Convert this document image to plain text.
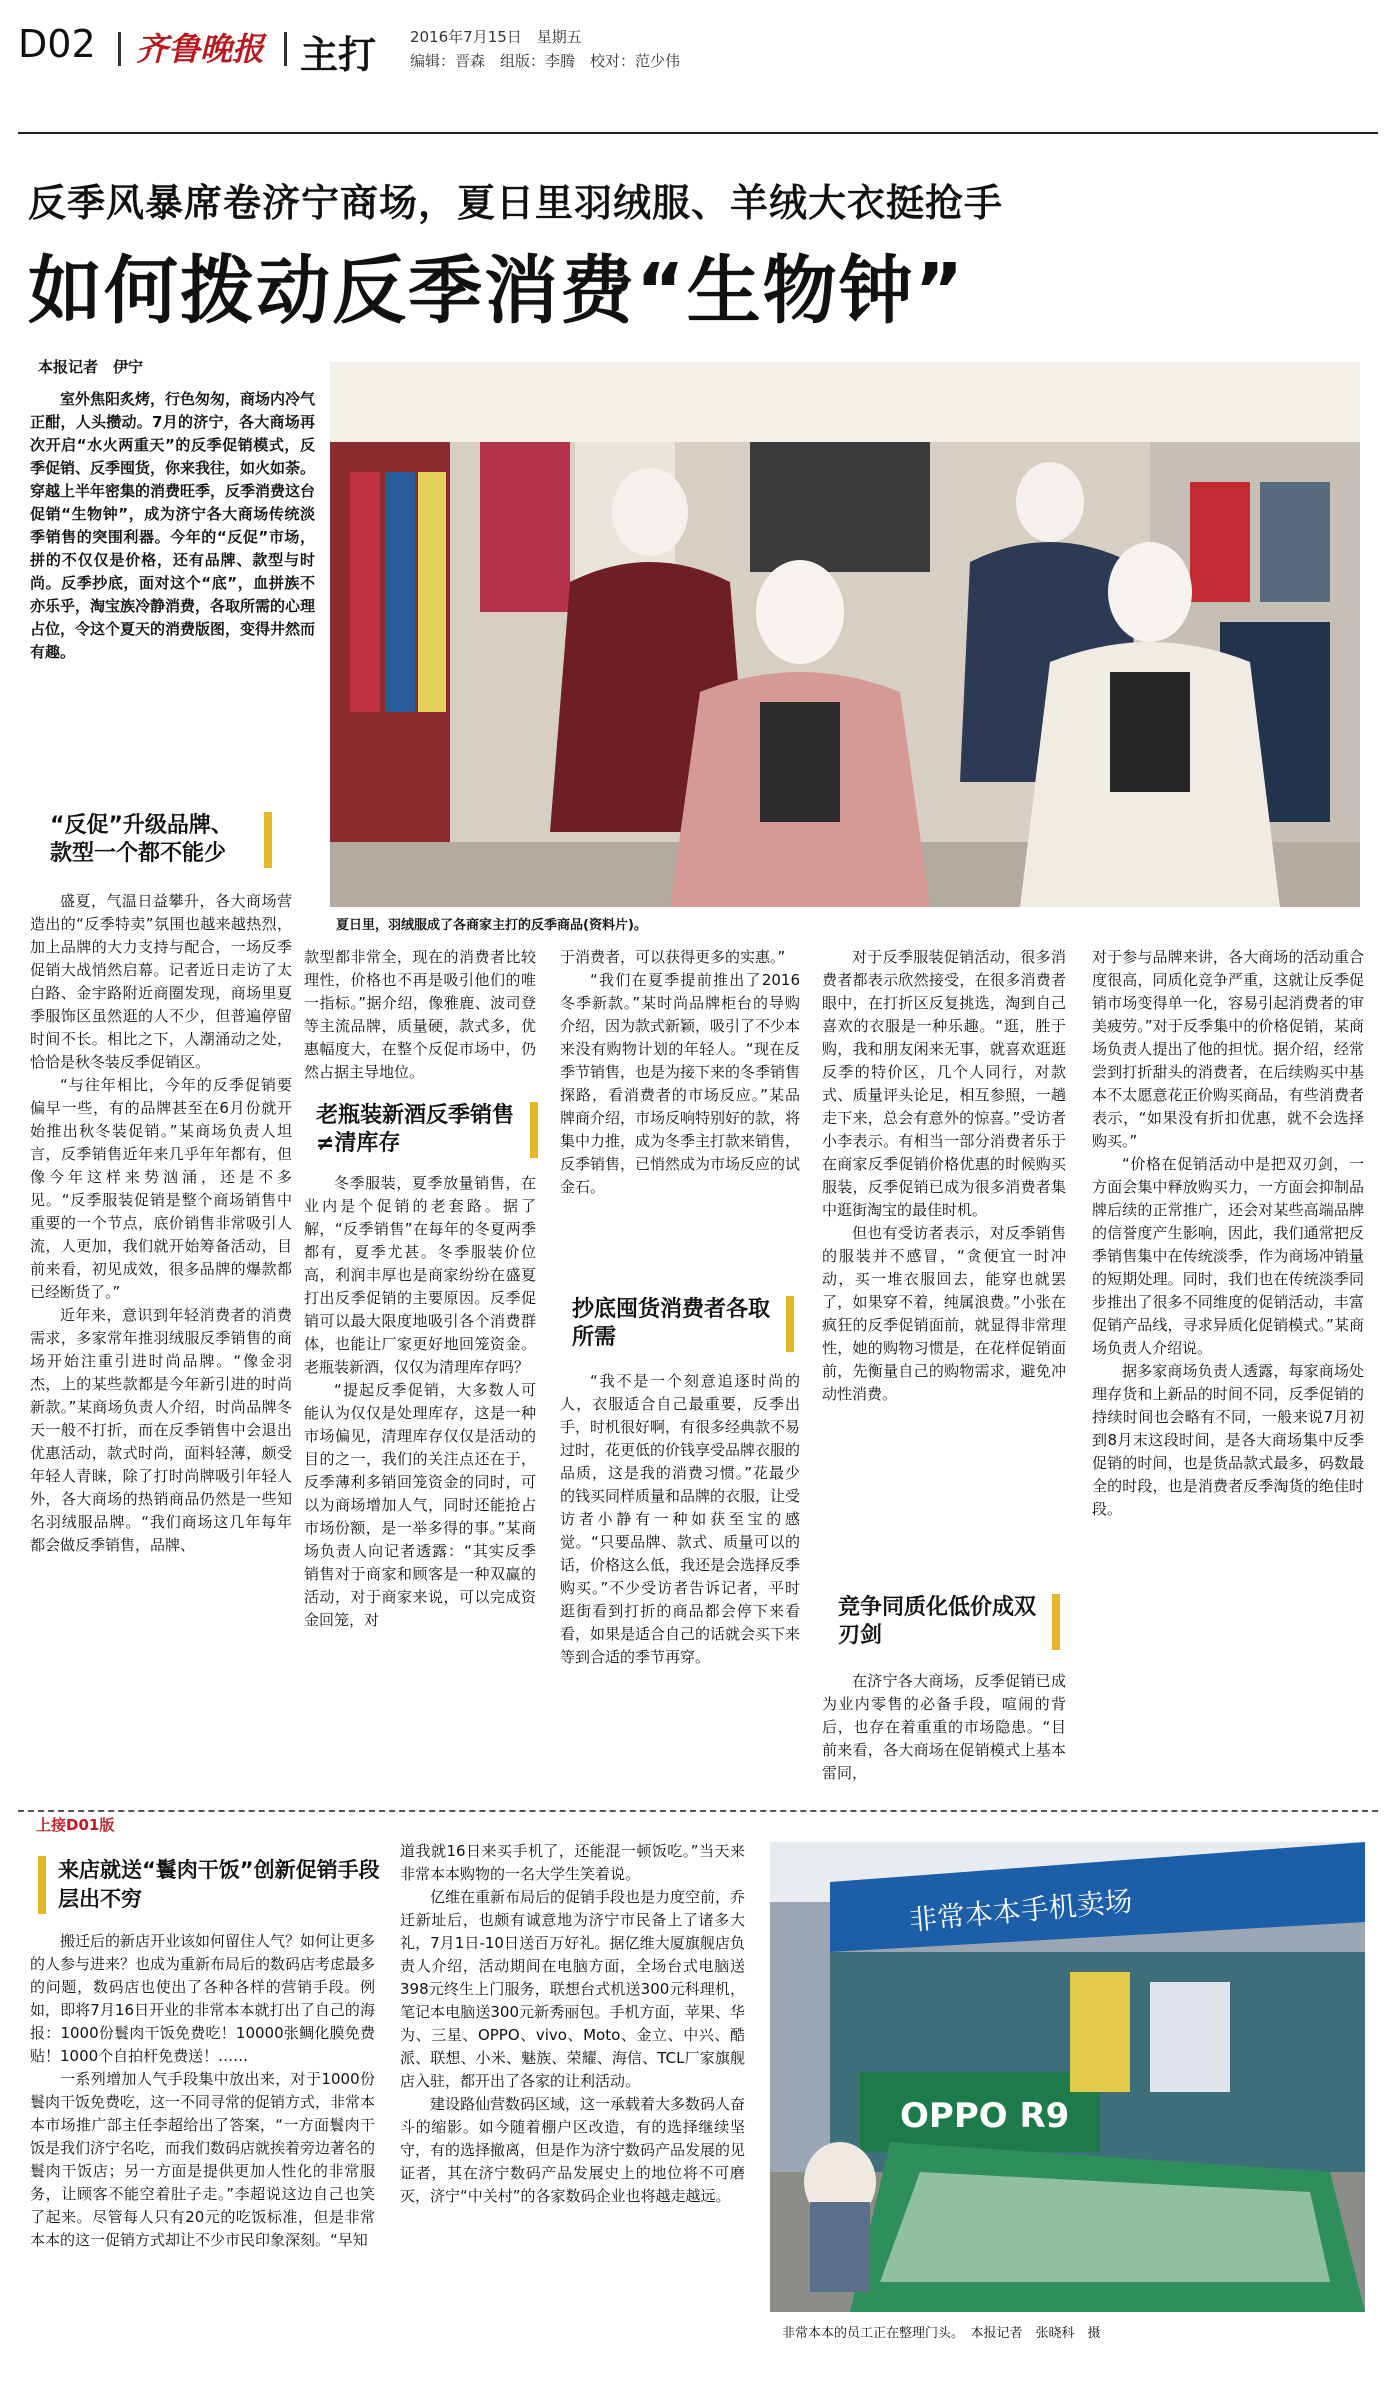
D02 齐鲁晚报 主打 2016年7月15日　星期五
编辑：晋森　组版：李腾　校对：范少伟
反季风暴席卷济宁商场，夏日里羽绒服、羊绒大衣挺抢手
如何拨动反季消费“生物钟”
本报记者　伊宁
夏日里，羽绒服成了各商家主打的反季商品(资料片)。

室外焦阳炙烤，行色匆匆，商场内冷气正酣，人头攒动。7月的济宁，各大商场再次开启“水火两重天”的反季促销模式，反季促销、反季囤货，你来我往，如火如荼。穿越上半年密集的消费旺季，反季消费这台促销“生物钟”，成为济宁各大商场传统淡季销售的突围利器。今年的“反促”市场，拼的不仅仅是价格，还有品牌、款型与时尚。反季抄底，面对这个“底”，血拼族不亦乐乎，淘宝族冷静消费，各取所需的心理占位，令这个夏天的消费版图，变得井然而有趣。

“反促”升级品牌、款型一个都不能少

盛夏，气温日益攀升，各大商场营造出的“反季特卖”氛围也越来越热烈，加上品牌的大力支持与配合，一场反季促销大战悄然启幕。记者近日走访了太白路、金宇路附近商圈发现，商场里夏季服饰区虽然逛的人不少，但普遍停留时间不长。相比之下，人潮涌动之处，恰恰是秋冬装反季促销区。

“与往年相比，今年的反季促销要偏早一些，有的品牌甚至在6月份就开始推出秋冬装促销。”某商场负责人坦言，反季销售近年来几乎年年都有，但像今年这样来势汹涌，还是不多见。“反季服装促销是整个商场销售中重要的一个节点，底价销售非常吸引人流，人更加，我们就开始筹备活动，目前来看，初见成效，很多品牌的爆款都已经断货了。”

近年来，意识到年轻消费者的消费需求，多家常年推羽绒服反季销售的商场开始注重引进时尚品牌。“像金羽杰，上的某些款都是今年新引进的时尚新款。”某商场负责人介绍，时尚品牌冬天一般不打折，而在反季销售中会退出优惠活动，款式时尚，面料轻薄，颇受年轻人青睐，除了打时尚牌吸引年轻人外，各大商场的热销商品仍然是一些知名羽绒服品牌。“我们商场这几年每年都会做反季销售，品牌、

款型都非常全，现在的消费者比较理性，价格也不再是吸引他们的唯一指标。”据介绍，像雅鹿、波司登等主流品牌，质量硬，款式多，优惠幅度大，在整个反促市场中，仍然占据主导地位。

老瓶装新酒反季销售≠清库存

冬季服装，夏季放量销售，在业内是个促销的老套路。据了解，“反季销售”在每年的冬夏两季都有，夏季尤甚。冬季服装价位高，利润丰厚也是商家纷纷在盛夏打出反季促销的主要原因。反季促销可以最大限度地吸引各个消费群体，也能让厂家更好地回笼资金。老瓶装新酒，仅仅为清理库存吗？

“提起反季促销，大多数人可能认为仅仅是处理库存，这是一种市场偏见，清理库存仅仅是活动的目的之一，我们的关注点还在于，反季薄利多销回笼资金的同时，可以为商场增加人气，同时还能抢占市场份额，是一举多得的事。”某商场负责人向记者透露：“其实反季销售对于商家和顾客是一种双赢的活动，对于商家来说，可以完成资金回笼，对

于消费者，可以获得更多的实惠。”

“我们在夏季提前推出了2016冬季新款。”某时尚品牌柜台的导购介绍，因为款式新颖，吸引了不少本来没有购物计划的年轻人。“现在反季节销售，也是为接下来的冬季销售探路，看消费者的市场反应。”某品牌商介绍，市场反响特别好的款，将集中力推，成为冬季主打款来销售，反季销售，已悄然成为市场反应的试金石。

抄底囤货消费者各取所需

“我不是一个刻意追逐时尚的人，衣服适合自己最重要，反季出手，时机很好啊，有很多经典款不易过时，花更低的价钱享受品牌衣服的品质，这是我的消费习惯。”花最少的钱买同样质量和品牌的衣服，让受访者小静有一种如获至宝的感觉。“只要品牌、款式、质量可以的话，价格这么低，我还是会选择反季购买。”不少受访者告诉记者，平时逛街看到打折的商品都会停下来看看，如果是适合自己的话就会买下来等到合适的季节再穿。

对于反季服装促销活动，很多消费者都表示欣然接受，在很多消费者眼中，在打折区反复挑选，淘到自己喜欢的衣服是一种乐趣。“逛，胜于购，我和朋友闲来无事，就喜欢逛逛反季的特价区，几个人同行，对款式、质量评头论足，相互参照，一趟走下来，总会有意外的惊喜。”受访者小李表示。有相当一部分消费者乐于在商家反季促销价格优惠的时候购买服装，反季促销已成为很多消费者集中逛街淘宝的最佳时机。

但也有受访者表示，对反季销售的服装并不感冒，“贪便宜一时冲动，买一堆衣服回去，能穿也就罢了，如果穿不着，纯属浪费。”小张在疯狂的反季促销面前，就显得非常理性，她的购物习惯是，在花样促销面前，先衡量自己的购物需求，避免冲动性消费。

竞争同质化低价成双刃剑

在济宁各大商场，反季促销已成为业内零售的必备手段，喧闹的背后，也存在着重重的市场隐患。“目前来看，各大商场在促销模式上基本雷同，

对于参与品牌来讲，各大商场的活动重合度很高，同质化竞争严重，这就让反季促销市场变得单一化，容易引起消费者的审美疲劳。”对于反季集中的价格促销，某商场负责人提出了他的担忧。据介绍，经常尝到打折甜头的消费者，在后续购买中基本不太愿意花正价购买商品，有些消费者表示，“如果没有折扣优惠，就不会选择购买。”

“价格在促销活动中是把双刃剑，一方面会集中释放购买力，一方面会抑制品牌后续的正常推广，还会对某些高端品牌的信誉度产生影响，因此，我们通常把反季销售集中在传统淡季，作为商场冲销量的短期处理。同时，我们也在传统淡季同步推出了很多不同维度的促销活动，丰富促销产品线，寻求异质化促销模式。”某商场负责人介绍说。

据多家商场负责人透露，每家商场处理存货和上新品的时间不同，反季促销的持续时间也会略有不同，一般来说7月初到8月末这段时间，是各大商场集中反季促销的时间，也是货品款式最多，码数最全的时段，也是消费者反季淘货的绝佳时段。

上接D01版
来店就送“鬟肉干饭”创新促销手段层出不穷

搬迁后的新店开业该如何留住人气？如何让更多的人参与进来？也成为重新布局后的数码店考虑最多的问题，数码店也使出了各种各样的营销手段。例如，即将7月16日开业的非常本本就打出了自己的海报：1000份鬟肉干饭免费吃！10000张鲷化膜免费贴！1000个自拍杆免费送！……

一系列增加人气手段集中放出来，对于1000份鬟肉干饭免费吃，这一不同寻常的促销方式，非常本本市场推广部主任李超给出了答案，“一方面鬟肉干饭是我们济宁名吃，而我们数码店就挨着旁边著名的鬟肉干饭店；另一方面是提供更加人性化的非常服务，让顾客不能空着肚子走。”李超说这边自己也笑了起来。尽管每人只有20元的吃饭标准，但是非常本本的这一促销方式却让不少市民印象深刻。“早知

道我就16日来买手机了，还能混一顿饭吃。”当天来非常本本购物的一名大学生笑着说。

亿维在重新布局后的促销手段也是力度空前，乔迁新址后，也颇有诚意地为济宁市民备上了诸多大礼，7月1日-10日送百万好礼。据亿维大厦旗舰店负责人介绍，活动期间在电脑方面，全场台式电脑送398元终生上门服务，联想台式机送300元科理机，笔记本电脑送300元新秀丽包。手机方面，苹果、华为、三星、OPPO、vivo、Moto、金立、中兴、酷派、联想、小米、魅族、荣耀、海信、TCL厂家旗舰店入驻，都开出了各家的让利活动。

建设路仙营数码区域，这一承载着大多数码人奋斗的缩影。如今随着棚户区改造，有的选择继续坚守，有的选择撤离，但是作为济宁数码产品发展的见证者，其在济宁数码产品发展史上的地位将不可磨灭，济宁“中关村”的各家数码企业也将越走越远。

非常本本手机卖场
OPPO R9
非常本本的员工正在整理门头。　本报记者　张晓科　摄
